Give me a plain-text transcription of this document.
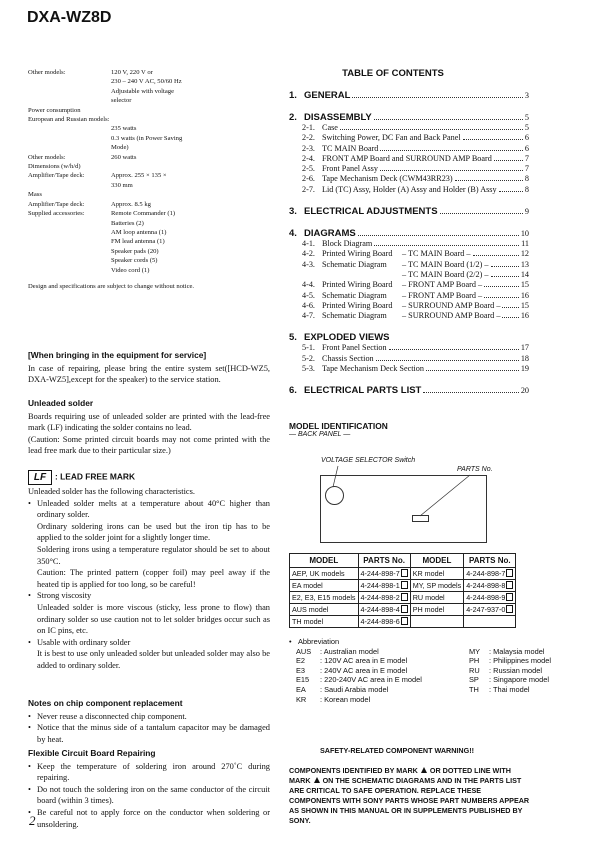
DXA-WZ8D
Other models:	120 V, 220 V or
230 – 240 V AC, 50/60 Hz
Adjustable with voltage
selector
Power consumption
European and Russian models:
235 watts
0.3 watts (in Power Saving
Mode)
Other models:	260 watts
Dimensions (w/h/d)
Amplifier/Tape deck:	Approx. 255 × 135 ×
330 mm
Mass
Amplifier/Tape deck:	Approx. 8.5 kg
Supplied accessories:	Remote Commander (1)
Batteries (2)
AM loop antenna (1)
FM lead antenna (1)
Speaker pads (20)
Speaker cords (5)
Video cord (1)
Design and specifications are subject to change without notice.
[When bringing in the equipment for service]
In case of repairing, please bring the entire system set([HCD-WZ5, DXA-WZ5],except for the speaker) to the service station.
Unleaded solder
Boards requiring use of unleaded solder are printed with the lead-free mark (LF) indicating the solder contains no lead.
(Caution: Some printed circuit boards may not come printed with the lead free mark due to their particular size.)
LF : LEAD FREE MARK
Unleaded solder has the following characteristics.
• Unleaded solder melts at a temperature about 40°C higher than ordinary solder.
Ordinary soldering irons can be used but the iron tip has to be applied to the solder joint for a slightly longer time.
Soldering irons using a temperature regulator should be set to about 350°C.
Caution: The printed pattern (copper foil) may peel away if the heated tip is applied for too long, so be careful!
• Strong viscosity
Unleaded solder is more viscous (sticky, less prone to flow) than ordinary solder so use caution not to let solder bridges occur such as on IC pins, etc.
• Usable with ordinary solder
It is best to use only unleaded solder but unleaded solder may also be added to ordinary solder.
Notes on chip component replacement
• Never reuse a disconnected chip component.
• Notice that the minus side of a tantalum capacitor may be damaged by heat.
Flexible Circuit Board Repairing
• Keep the temperature of soldering iron around 270˚C during repairing.
• Do not touch the soldering iron on the same conductor of the circuit board (within 3 times).
• Be careful not to apply force on the conductor when soldering or unsoldering.
TABLE OF CONTENTS
1. GENERAL	3
2. DISASSEMBLY	5
2-1. Case	5
2-2. Switching Power, DC Fan and Back Panel	6
2-3. TC MAIN Board	6
2-4. FRONT AMP Board and SURROUND AMP Board	7
2-5. Front Panel Assy	7
2-6. Tape Mechanism Deck (CWM43RR23)	8
2-7. Lid (TC) Assy, Holder (A) Assy and Holder (B) Assy	8
3. ELECTRICAL ADJUSTMENTS	9
4. DIAGRAMS	10
4-1. Block Diagram	11
4-2. Printed Wiring Board	– TC MAIN Board –	12
4-3. Schematic Diagram	– TC MAIN Board (1/2) –	13
– TC MAIN Board (2/2) –	14
4-4. Printed Wiring Board	– FRONT AMP Board –	15
4-5. Schematic Diagram	– FRONT AMP Board –	16
4-6. Printed Wiring Board	– SURROUND AMP Board – 15
4-7. Schematic Diagram	– SURROUND AMP Board – 16
5. EXPLODED VIEWS
5-1. Front Panel Section	17
5-2. Chassis Section	18
5-3. Tape Mechanism Deck Section	19
6. ELECTRICAL PARTS LIST	20
MODEL IDENTIFICATION
— BACK PANEL —
VOLTAGE SELECTOR Switch
PARTS No.
MODEL	PARTS No.	MODEL	PARTS No.
AEP, UK models	4-244-898-7	KR model	4-244-898-7
EA model	4-244-898-1	MY, SP models	4-244-898-8
E2, E3, E15 models	4-244-898-2	RU model	4-244-898-9
AUS model	4-244-898-4	PH model	4-247-937-0
TH model	4-244-898-6		
• Abbreviation
AUS	: Australian model
E2	: 120V AC area in E model
E3	: 240V AC area in E model
E15	: 220-240V AC area in E model
EA	: Saudi Arabia model
KR	: Korean model
MY	: Malaysia model
PH	: Philippines model
RU	: Russian model
SP	: Singapore model
TH	: Thai model
SAFETY-RELATED COMPONENT WARNING!!
COMPONENTS IDENTIFIED BY MARK OR DOTTED LINE WITH MARK ON THE SCHEMATIC DIAGRAMS AND IN THE PARTS LIST ARE CRITICAL TO SAFE OPERATION. REPLACE THESE COMPONENTS WITH SONY PARTS WHOSE PART NUMBERS APPEAR AS SHOWN IN THIS MANUAL OR IN SUPPLEMENTS PUBLISHED BY SONY.
2
